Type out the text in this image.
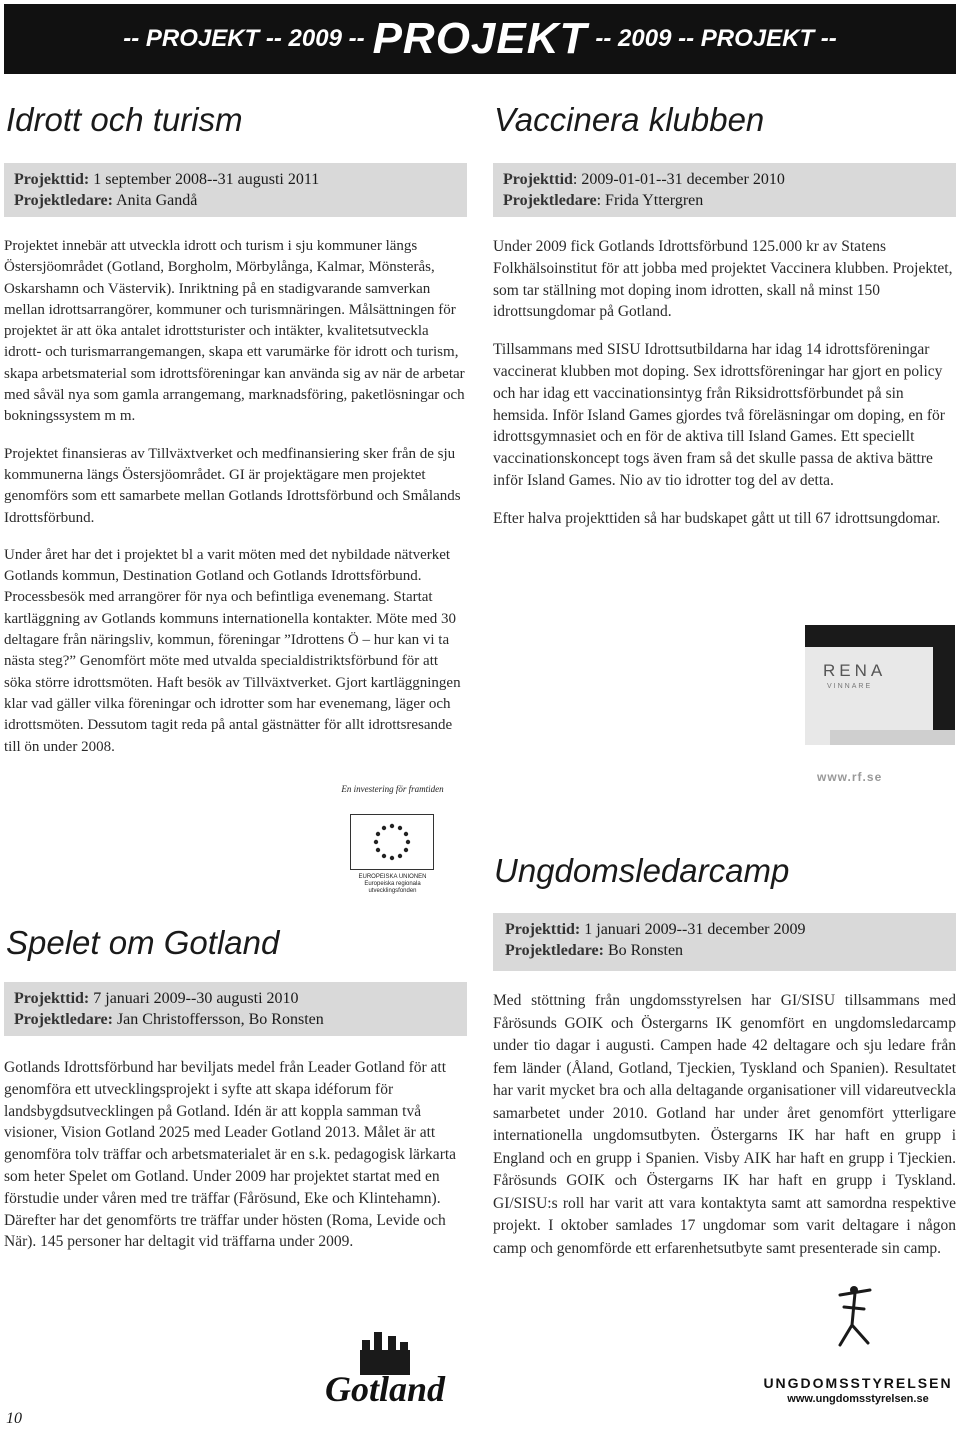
-- PROJEKT -- 2009 -- PROJEKT -- 2009 -- PROJEKT --
Idrott och turism
Projekttid: 1 september 2008--31 augusti 2011
Projektledare: Anita Gandå

Projektet innebär att utveckla idrott och turism i sju kommuner längs Östersjöområdet (Gotland, Borgholm, Mörbylånga, Kalmar, Mönsterås, Oskarshamn och Västervik). Inriktning på en stadigvarande samverkan mellan idrottsarrangörer, kommuner och turismnäringen. Målsättningen för projektet är att öka antalet idrottsturister och intäkter, kvalitetsutveckla idrott- och turismarrangemangen, skapa ett varumärke för idrott och turism, skapa arbetsmaterial som idrottsföreningar kan använda sig av när de arbetar med såväl nya som gamla arrangemang, marknadsföring, paketlösningar och bokningssystem m m.

Projektet finansieras av Tillväxtverket och medfinansiering sker från de sju kommunerna längs Östersjöområdet. GI är projektägare men projektet genomförs som ett samarbete mellan Gotlands Idrottsförbund och Smålands Idrottsförbund.

Under året har det i projektet bl a varit möten med det nybildade nätverket Gotlands kommun, Destination Gotland och Gotlands Idrottsförbund. Processbesök med arrangörer för nya och befintliga evenemang. Startat kartläggning av Gotlands kommuns internationella kontakter. Möte med 30 deltagare från näringsliv, kommun, föreningar ”Idrottens Ö – hur kan vi ta nästa steg?” Genomfört möte med utvalda specialdistriktsförbund för att söka större idrottsmöten. Haft besök av Tillväxtverket. Gjort kartläggningen klar vad gäller vilka föreningar och idrotter som har evenemang, läger och idrottsmöten. Dessutom tagit reda på antal gästnätter för allt idrottsresande till ön under 2008.

Vaccinera klubben
Projekttid: 2009-01-01--31 december 2010
Projektledare: Frida Yttergren

Under 2009 fick Gotlands Idrottsförbund 125.000 kr av Statens Folkhälsoinstitut för att jobba med projektet Vaccinera klubben. Projektet, som tar ställning mot doping inom idrotten, skall nå minst 150 idrottsungdomar på Gotland.

Tillsammans med SISU Idrottsutbildarna har idag 14 idrottsföreningar vaccinerat klubben mot doping. Sex idrottsföreningar har gjort en policy och har idag ett vaccinationsintyg från Riksidrottsförbundet på sin hemsida. Inför Island Games gjordes två föreläsningar om doping, en för idrottsgymnasiet och en för de aktiva till Island Games. Ett speciellt vaccinationskoncept togs även fram så det skulle passa de aktiva bättre inför Island Games. Nio av tio idrotter tog del av detta.

Efter halva projekttiden så har budskapet gått ut till 67 idrottsungdomar.

RENA
VINNARE
www.rf.se
En investering för framtiden
EUROPEISKA UNIONEN
Europeiska regionala
utvecklingsfonden
Ungdomsledarcamp
Projekttid: 1 januari 2009--31 december 2009
Projektledare: Bo Ronsten

Med stöttning från ungdomsstyrelsen har GI/SISU tillsammans med Fårösunds GOIK och Östergarns IK genomfört en ungdomsledarcamp under tio dagar i augusti. Campen hade 42 deltagare och sju ledare från fem länder (Åland, Gotland, Tjeckien, Tyskland och Spanien). Resultatet har varit mycket bra och alla deltagande organisationer vill vidareutveckla samarbetet under 2010. Gotland har under året genomfört ytterligare internationella ungdomsutbyten. Östergarns IK har haft en grupp i England och en grupp i Spanien. Visby AIK har haft en grupp i Tjeckien. Fårösunds GOIK och Östergarns IK har haft en grupp i Tyskland. GI/SISU:s roll har varit att vara kontaktyta samt att samordna respektive projekt. I oktober samlades 17 ungdomar som varit deltagare i någon camp och genomförde ett erfarenhetsutbyte samt presenterade sin camp.

Spelet om Gotland
Projekttid: 7 januari 2009--30 augusti 2010
Projektledare: Jan Christoffersson, Bo Ronsten

Gotlands Idrottsförbund har beviljats medel från Leader Gotland för att genomföra ett utvecklingsprojekt i syfte att skapa idéforum för landsbygdsutvecklingen på Gotland. Idén är att koppla samman två visioner, Vision Gotland 2025 med Leader Gotland 2013. Målet är att genomföra tolv träffar och arbetsmaterialet är en s.k. pedagogisk lärkarta som heter Spelet om Gotland. Under 2009 har projektet startat med en förstudie under våren med tre träffar (Fårösund, Eke och Klintehamn). Därefter har det genomförts tre träffar under hösten (Roma, Levide och När). 145 personer har deltagit vid träffarna under 2009.

Gotland	UNGDOMSSTYRELSEN
www.ungdomsstyrelsen.se
10
